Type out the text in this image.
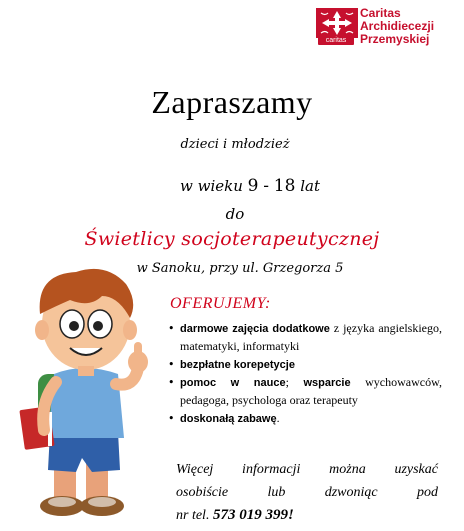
caritas
Caritas
Archidiecezji
Przemyskiej
Zapraszamy
dzieci i młodzież
w wieku 9 - 18 lat
do
Świetlicy socjoterapeutycznej
w Sanoku, przy ul. Grzegorza 5
OFERUJEMY:
• darmowe zajęcia dodatkowe z języka angielskiego, matematyki, informatyki
• bezpłatne korepetycje
• pomoc w nauce; wsparcie wychowawców, pedagoga, psychologa oraz terapeuty
• doskonałą zabawę.
Więcej informacji można uzyskać
osobiście lub dzwoniąc pod
nr tel. 573 019 399!
